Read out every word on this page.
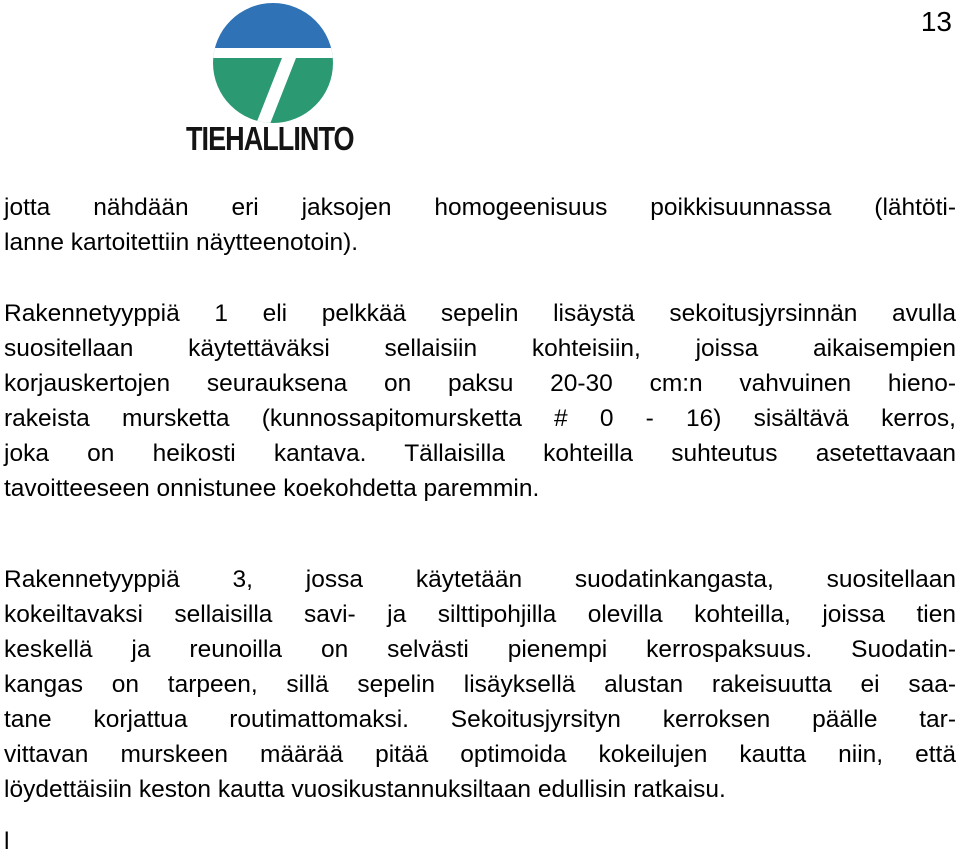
13
TIEHALLINTO

jotta nähdään eri jaksojen homogeenisuus poikkisuunnassa (lähtöti-
lanne kartoitettiin näytteenotoin).

Rakennetyyppiä 1 eli pelkkää sepelin lisäystä sekoitusjyrsinnän avulla
suositellaan käytettäväksi sellaisiin kohteisiin, joissa aikaisempien
korjauskertojen seurauksena on paksu 20-30 cm:n vahvuinen hieno-
rakeista mursketta (kunnossapitomursketta # 0 - 16) sisältävä kerros,
joka on heikosti kantava. Tällaisilla kohteilla suhteutus asetettavaan
tavoitteeseen onnistunee koekohdetta paremmin.

Rakennetyyppiä 3, jossa käytetään suodatinkangasta, suositellaan
kokeiltavaksi sellaisilla savi- ja silttipohjilla olevilla kohteilla, joissa tien
keskellä ja reunoilla on selvästi pienempi kerrospaksuus. Suodatin-
kangas on tarpeen, sillä sepelin lisäyksellä alustan rakeisuutta ei saa-
tane korjattua routimattomaksi. Sekoitusjyrsityn kerroksen päälle tar-
vittavan murskeen määrää pitää optimoida kokeilujen kautta niin, että
löydettäisiin keston kautta vuosikustannuksiltaan edullisin ratkaisu.

l
